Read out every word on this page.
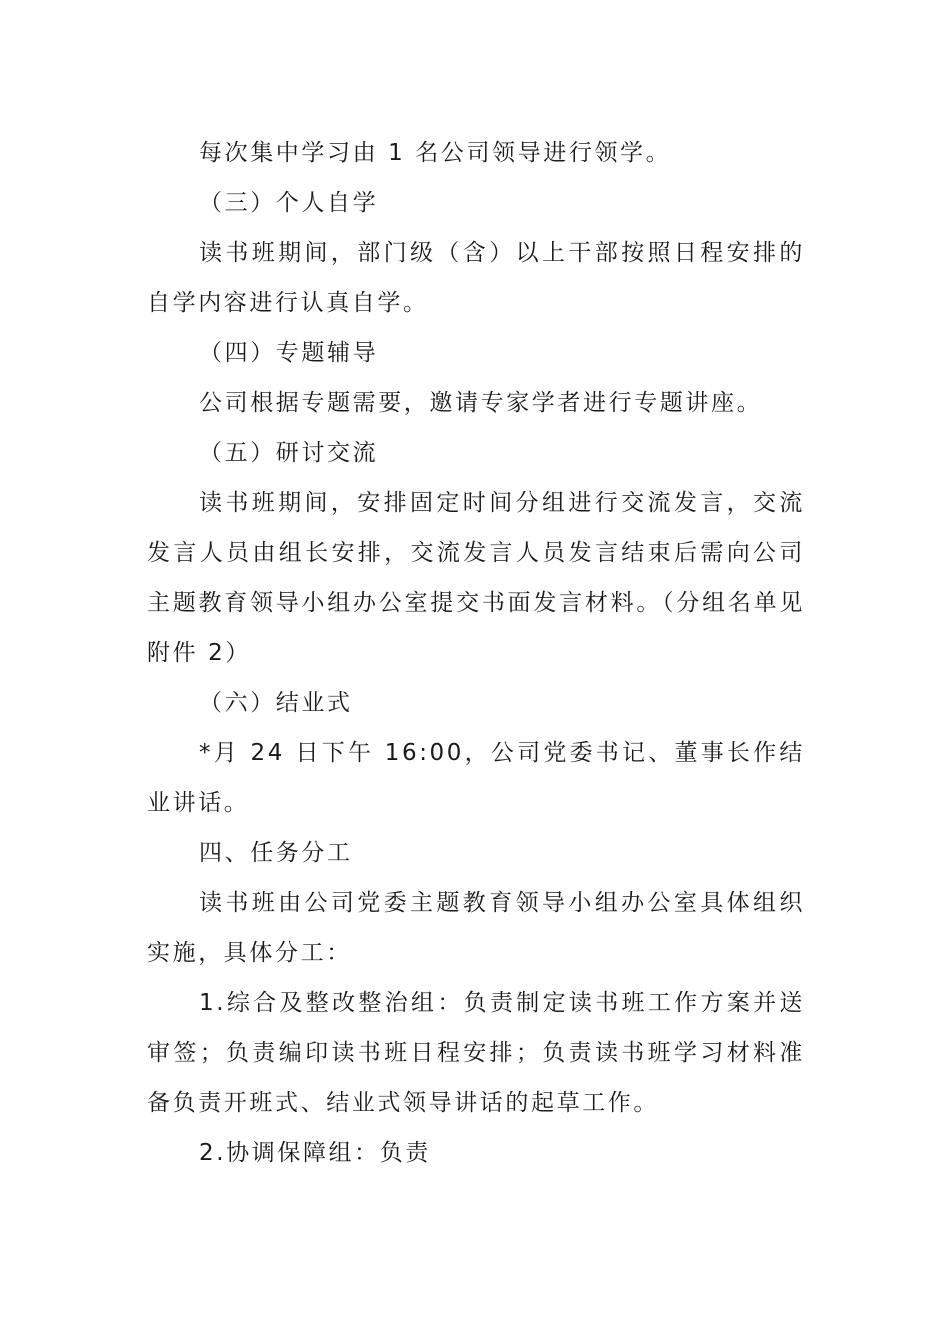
每次集中学习由 1 名公司领导进行领学。

（三）个人自学

读书班期间，部门级（含）以上干部按照日程安排的自学内容进行认真自学。

（四）专题辅导

公司根据专题需要，邀请专家学者进行专题讲座。

（五）研讨交流

读书班期间，安排固定时间分组进行交流发言，交流发言人员由组长安排，交流发言人员发言结束后需向公司主题教育领导小组办公室提交书面发言材料。（分组名单见附件 2）

（六）结业式

*月 24 日下午 16:00，公司党委书记、董事长作结业讲话。

四、任务分工

读书班由公司党委主题教育领导小组办公室具体组织实施，具体分工：

1.综合及整改整治组：负责制定读书班工作方案并送审签；负责编印读书班日程安排；负责读书班学习材料准备负责开班式、结业式领导讲话的起草工作。

2.协调保障组：负责
